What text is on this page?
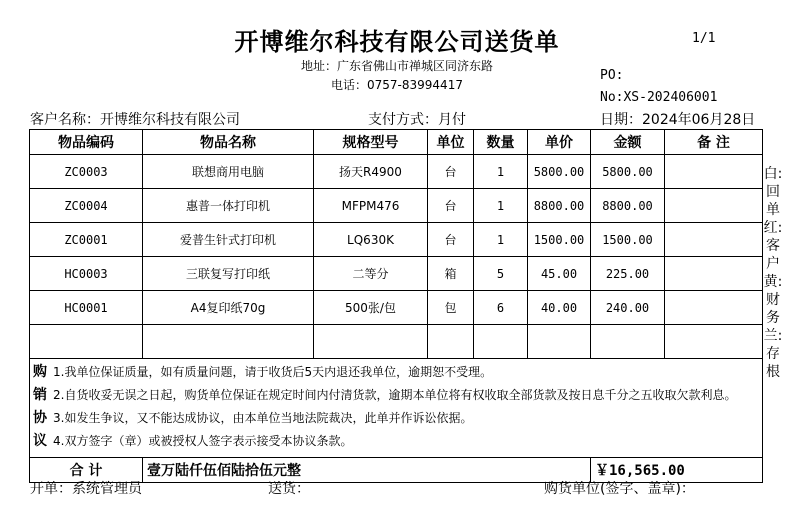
开博维尔科技有限公司送货单	1/1
地址：广东省佛山市禅城区同济东路
电话：0757-83994417
PO:
No:XS-202406001
客户名称：开博维尔科技有限公司	支付方式：月付	日期：2024年06月28日
物品编码	物品名称	规格型号	单位	数量	单价	金额	备 注
ZC0003	联想商用电脑	扬天R4900	台	1	5800.00	5800.00	
ZC0004	惠普一体打印机	MFPM476	台	1	8800.00	8800.00	
ZC0001	爱普生针式打印机	LQ630K	台	1	1500.00	1500.00	
HC0003	三联复写打印纸	二等分	箱	5	45.00	225.00	
HC0001	A4复印纸70g	500张/包	包	6	40.00	240.00	

购 1.我单位保证质量，如有质量问题，请于收货后5天内退还我单位，逾期恕不受理。
销 2.自货收妥无误之日起，购货单位保证在规定时间内付清货款，逾期本单位将有权收取全部货款及按日息千分之五收取欠款利息。
协 3.如发生争议，又不能达成协议，由本单位当地法院裁决，此单并作诉讼依据。
议 4.双方签字（章）或被授权人签字表示接受本协议条款。							

合 计	壹万陆仟伍佰陆拾伍元整					￥16,565.00	
白:回单 红:客户 黄:财务 兰:存根
开单：系统管理员	送货：	购货单位(签字、盖章)：
